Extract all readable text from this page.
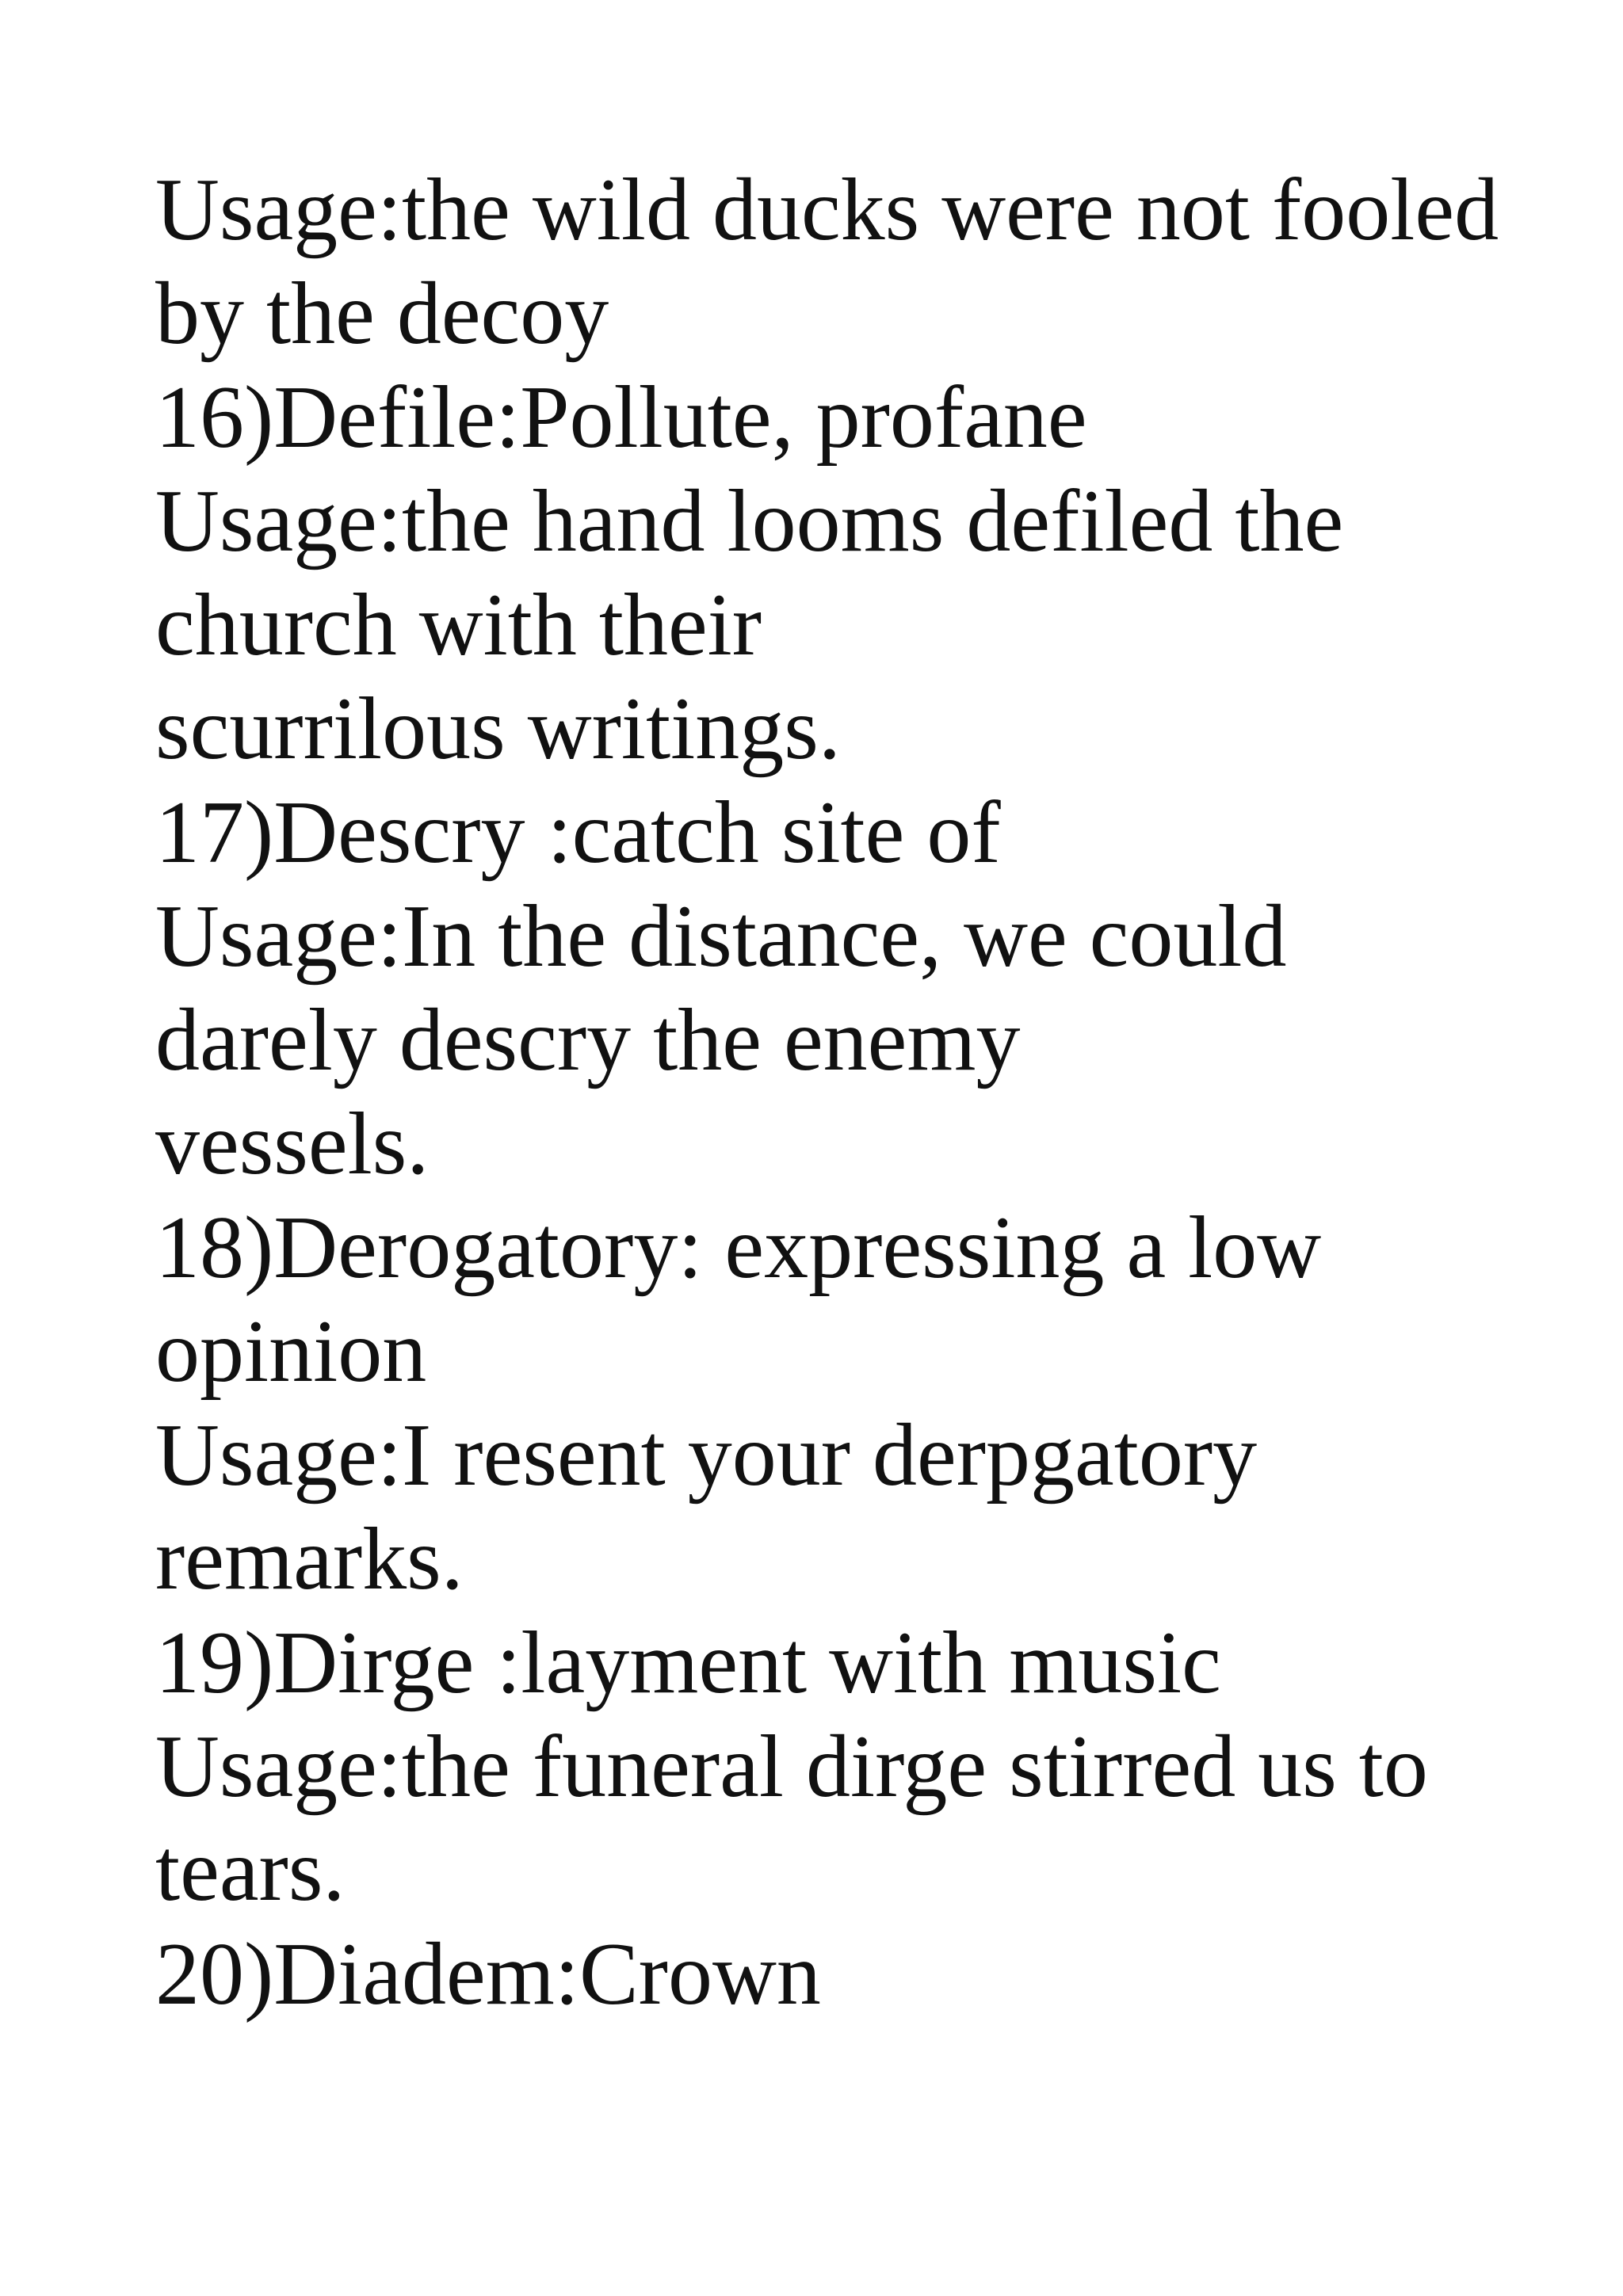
Usage:the wild ducks were not fooled
by the decoy
16)Defile:Pollute, profane
Usage:the hand looms defiled the
church with their
scurrilous writings.
17)Descry :catch site of
Usage:In the distance, we could
darely descry the enemy
vessels.
18)Derogatory: expressing a low
opinion
Usage:I resent your derpgatory
remarks.
19)Dirge :layment with music
Usage:the funeral dirge stirred us to
tears.
20)Diadem:Crown
